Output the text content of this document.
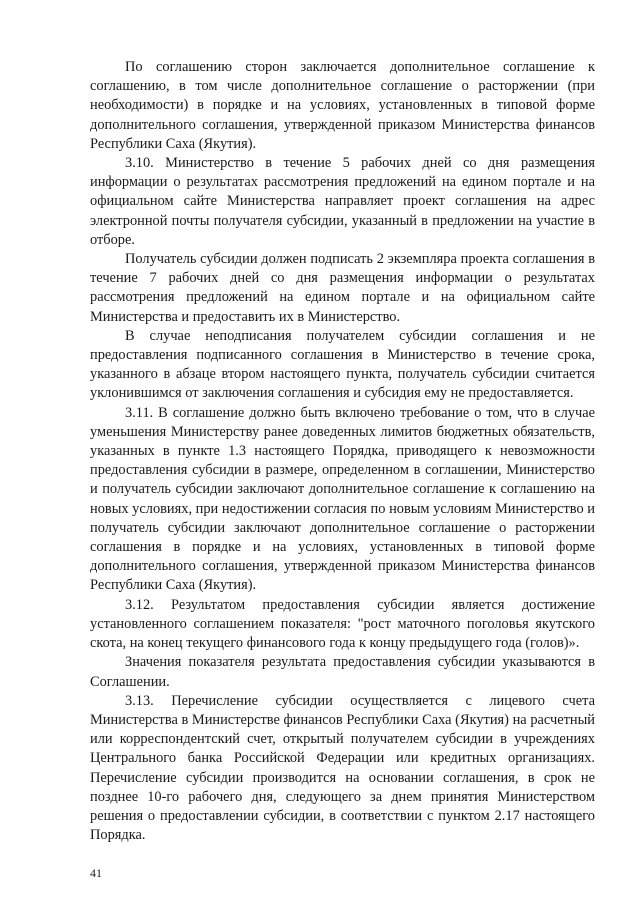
По соглашению сторон заключается дополнительное соглашение к соглашению, в том числе дополнительное соглашение о расторжении (при необходимости) в порядке и на условиях, установленных в типовой форме дополнительного соглашения, утвержденной приказом Министерства финансов Республики Саха (Якутия).

3.10. Министерство в течение 5 рабочих дней со дня размещения информации о результатах рассмотрения предложений на едином портале и на официальном сайте Министерства направляет проект соглашения на адрес электронной почты получателя субсидии, указанный в предложении на участие в отборе.

Получатель субсидии должен подписать 2 экземпляра проекта соглашения в течение 7 рабочих дней со дня размещения информации о результатах рассмотрения предложений на едином портале и на официальном сайте Министерства и предоставить их в Министерство.

В случае неподписания получателем субсидии соглашения и не предоставления подписанного соглашения в Министерство в течение срока, указанного в абзаце втором настоящего пункта, получатель субсидии считается уклонившимся от заключения соглашения и субсидия ему не предоставляется.

3.11. В соглашение должно быть включено требование о том, что в случае уменьшения Министерству ранее доведенных лимитов бюджетных обязательств, указанных в пункте 1.3 настоящего Порядка, приводящего к невозможности предоставления субсидии в размере, определенном в соглашении, Министерство и получатель субсидии заключают дополнительное соглашение к соглашению на новых условиях, при недостижении согласия по новым условиям Министерство и получатель субсидии заключают дополнительное соглашение о расторжении соглашения в порядке и на условиях, установленных в типовой форме дополнительного соглашения, утвержденной приказом Министерства финансов Республики Саха (Якутия).

3.12. Результатом предоставления субсидии является достижение установленного соглашением показателя: "рост маточного поголовья якутского скота, на конец текущего финансового года к концу предыдущего года (голов)».

Значения показателя результата предоставления субсидии указываются в Соглашении.

3.13. Перечисление субсидии осуществляется с лицевого счета Министерства в Министерстве финансов Республики Саха (Якутия) на расчетный или корреспондентский счет, открытый получателем субсидии в учреждениях Центрального банка Российской Федерации или кредитных организациях. Перечисление субсидии производится на основании соглашения, в срок не позднее 10-го рабочего дня, следующего за днем принятия Министерством решения о предоставлении субсидии, в соответствии с пунктом 2.17 настоящего Порядка.

41
